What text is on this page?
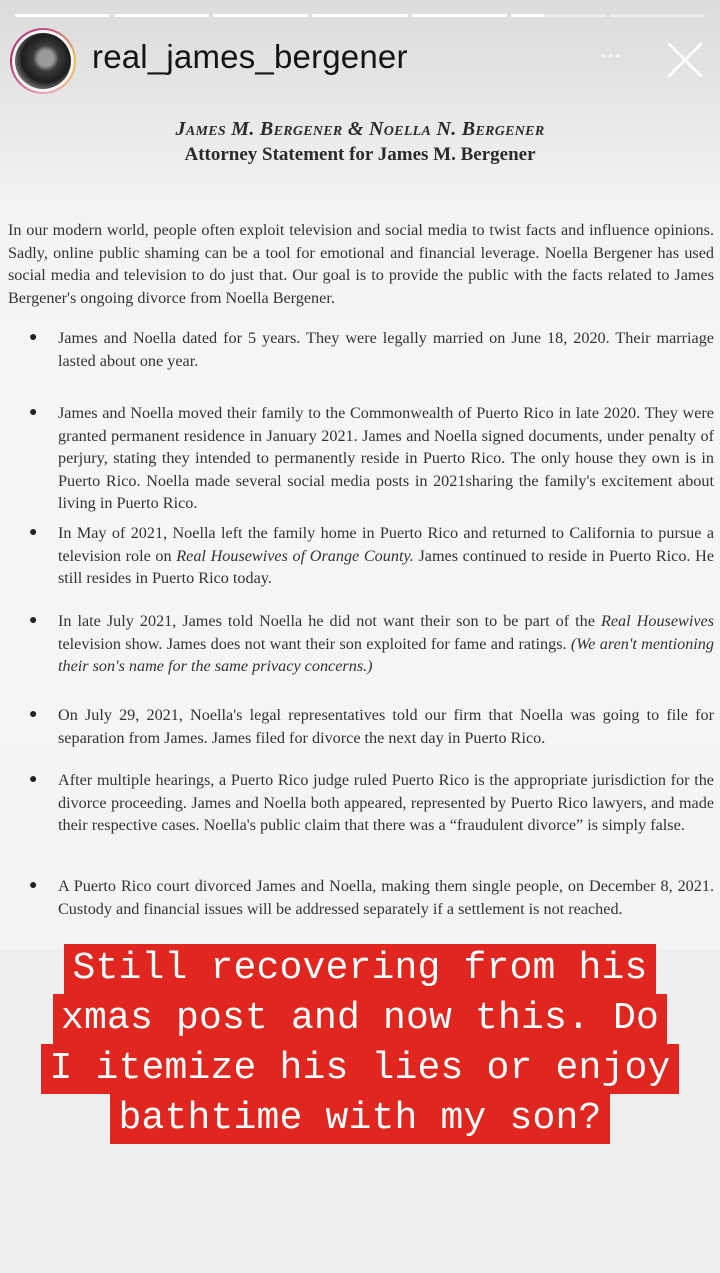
James M. Bergener & Noella N. Bergener
Attorney Statement for James M. Bergener

In our modern world, people often exploit television and social media to twist facts and influence opinions. Sadly, online public shaming can be a tool for emotional and financial leverage. Noella Bergener has used social media and television to do just that. Our goal is to provide the public with the facts related to James Bergener's ongoing divorce from Noella Bergener.

● James and Noella dated for 5 years. They were legally married on June 18, 2020. Their marriage lasted about one year.
● James and Noella moved their family to the Commonwealth of Puerto Rico in late 2020. They were granted permanent residence in January 2021. James and Noella signed documents, under penalty of perjury, stating they intended to permanently reside in Puerto Rico. The only house they own is in Puerto Rico. Noella made several social media posts in 2021sharing the family's excitement about living in Puerto Rico.
● In May of 2021, Noella left the family home in Puerto Rico and returned to California to pursue a television role on Real Housewives of Orange County. James continued to reside in Puerto Rico. He still resides in Puerto Rico today.
● In late July 2021, James told Noella he did not want their son to be part of the Real Housewives television show. James does not want their son exploited for fame and ratings. (We aren't mentioning their son's name for the same privacy concerns.)
● On July 29, 2021, Noella's legal representatives told our firm that Noella was going to file for separation from James. James filed for divorce the next day in Puerto Rico.
● After multiple hearings, a Puerto Rico judge ruled Puerto Rico is the appropriate jurisdiction for the divorce proceeding. James and Noella both appeared, represented by Puerto Rico lawyers, and made their respective cases. Noella's public claim that there was a “fraudulent divorce” is simply false.
● A Puerto Rico court divorced James and Noella, making them single people, on December 8, 2021. Custody and financial issues will be addressed separately if a settlement is not reached.
real_james_bergener	···
Still recovering from his
xmas post and now this. Do
I itemize his lies or enjoy
bathtime with my son?
